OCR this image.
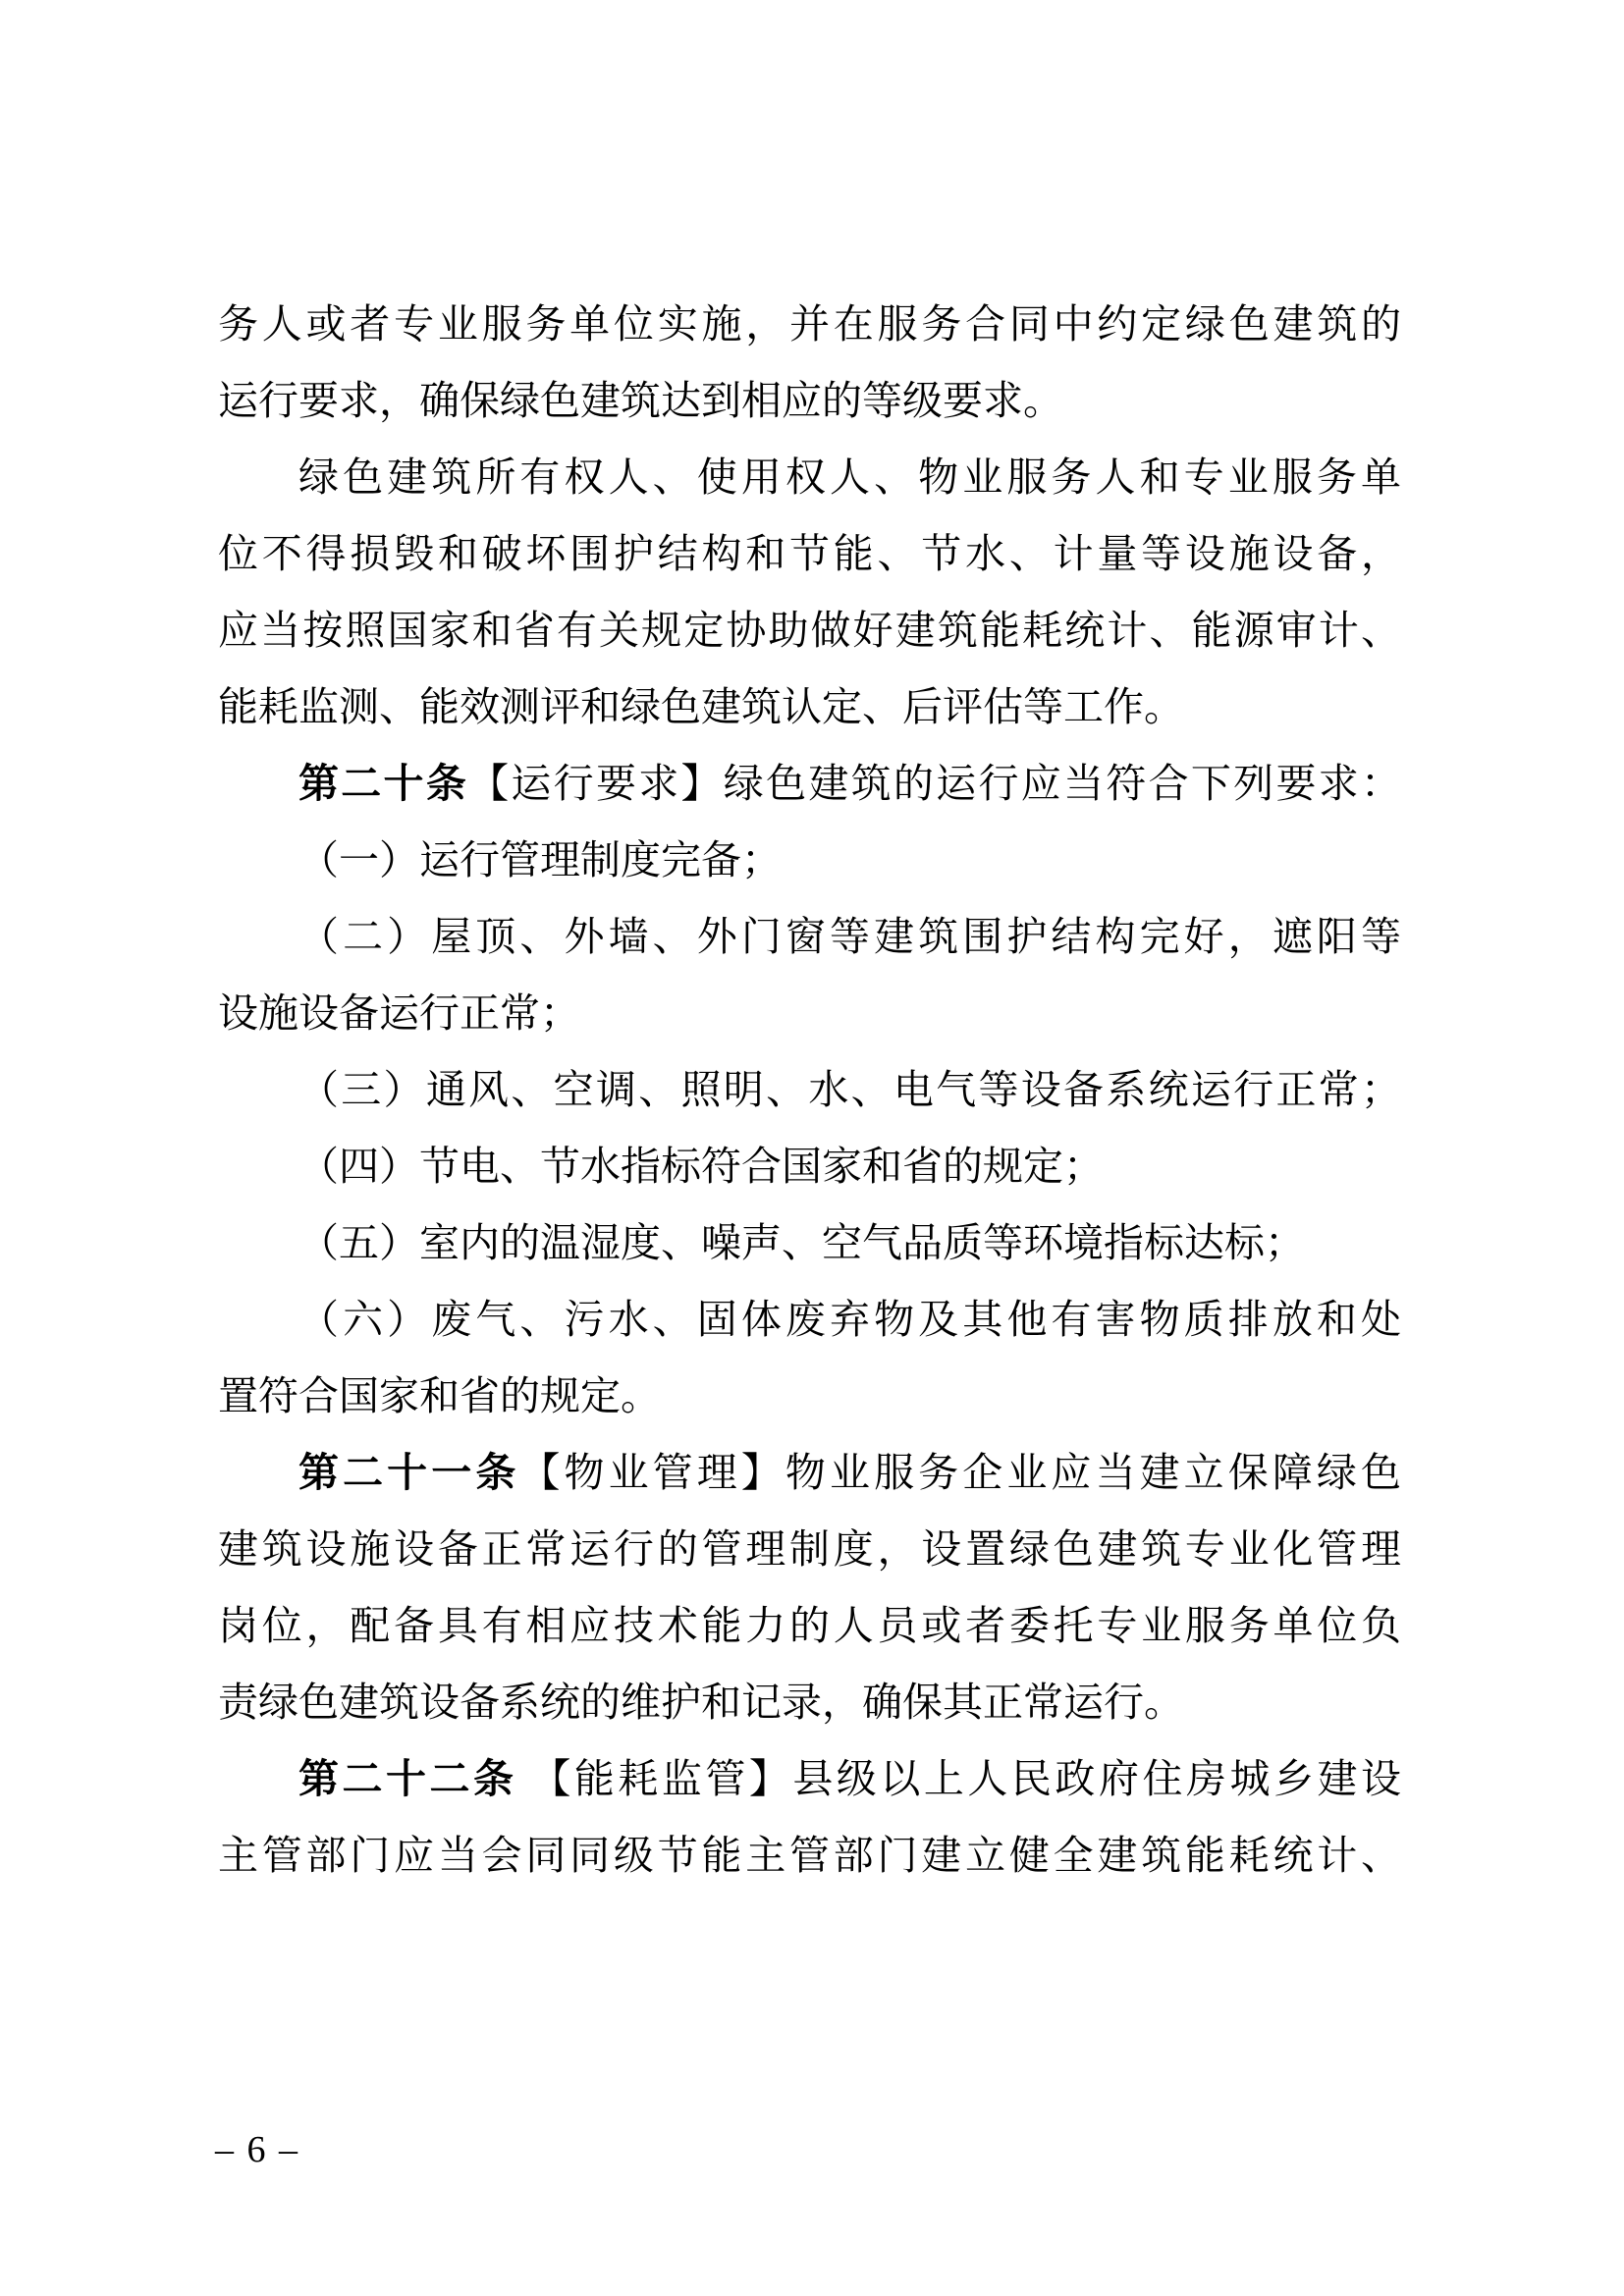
务人或者专业服务单位实施，并在服务合同中约定绿色建筑的
运行要求，确保绿色建筑达到相应的等级要求。
绿色建筑所有权人、使用权人、物业服务人和专业服务单
位不得损毁和破坏围护结构和节能、节水、计量等设施设备，
应当按照国家和省有关规定协助做好建筑能耗统计、能源审计、
能耗监测、能效测评和绿色建筑认定、后评估等工作。
第二十条【运行要求】绿色建筑的运行应当符合下列要求：
（一）运行管理制度完备；
（二）屋顶、外墙、外门窗等建筑围护结构完好，遮阳等
设施设备运行正常；
（三）通风、空调、照明、水、电气等设备系统运行正常；
（四）节电、节水指标符合国家和省的规定；
（五）室内的温湿度、噪声、空气品质等环境指标达标；
（六）废气、污水、固体废弃物及其他有害物质排放和处
置符合国家和省的规定。
第二十一条【物业管理】物业服务企业应当建立保障绿色
建筑设施设备正常运行的管理制度，设置绿色建筑专业化管理
岗位，配备具有相应技术能力的人员或者委托专业服务单位负
责绿色建筑设备系统的维护和记录，确保其正常运行。
第二十二条 【能耗监管】县级以上人民政府住房城乡建设
主管部门应当会同同级节能主管部门建立健全建筑能耗统计、
– 6 –
